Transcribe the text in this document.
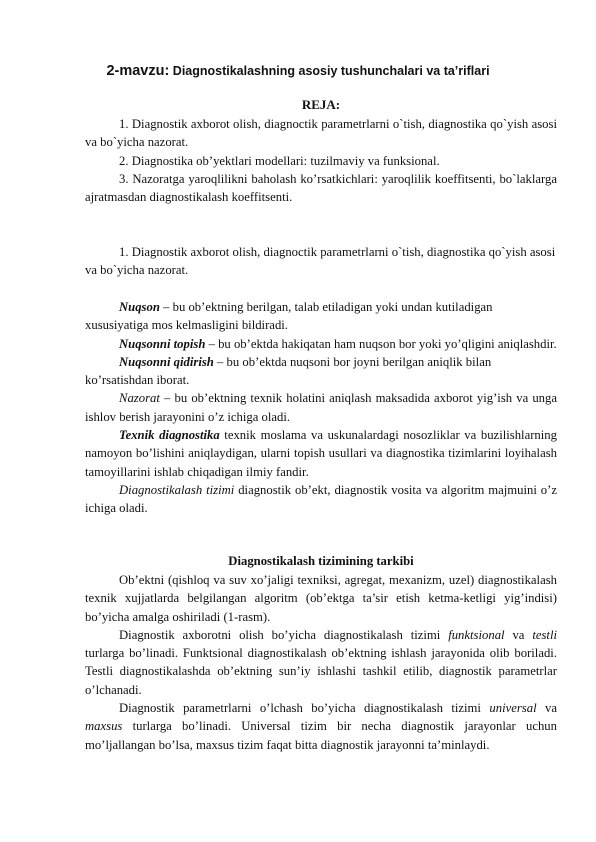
2-mavzu: Diagnostikalashning asosiy tushunchalari va ta’riflari
REJA:

1. Diagnostik axborot olish, diagnoctik parametrlarni o`tish, diagnostika qo`yish asosi va bo`yicha nazorat.

2. Diagnostika ob’yektlari modellari: tuzilmaviy va funksional.

3. Nazoratga yaroqlilikni baholash ko’rsatkichlari: yaroqlilik koeffitsenti, bo`laklarga ajratmasdan diagnostikalash koeffitsenti.

1. Diagnostik axborot olish, diagnoctik parametrlarni o`tish, diagnostika qo`yish asosi va bo`yicha nazorat.

Nuqson – bu ob’ektning berilgan, talab etiladigan yoki undan kutiladigan xususiyatiga mos kelmasligini bildiradi.

Nuqsonni topish – bu ob’ektda hakiqatan ham nuqson bor yoki yo’qligini aniqlashdir.

Nuqsonni qidirish – bu ob’ektda nuqsoni bor joyni berilgan aniqlik bilan ko’rsatishdan iborat.

Nazorat – bu ob’ektning texnik holatini aniqlash maksadida axborot yig’ish va unga ishlov berish jarayonini o’z ichiga oladi.

Texnik diagnostika texnik moslama va uskunalardagi nosozliklar va buzilishlarning namoyon bo’lishini aniqlaydigan, ularni topish usullari va diagnostika tizimlarini loyihalash tamoyillarini ishlab chiqadigan ilmiy fandir.

Diagnostikalash tizimi diagnostik ob’ekt, diagnostik vosita va algoritm majmuini o’z ichiga oladi.

Diagnostikalash tizimining tarkibi

Ob’ektni (qishloq va suv xo’jaligi texniksi, agregat, mexanizm, uzel) diagnostikalash texnik xujjatlarda belgilangan algoritm (ob’ektga ta’sir etish ketma-ketligi yig’indisi) bo’yicha amalga oshiriladi (1-rasm).

Diagnostik axborotni olish bo’yicha diagnostikalash tizimi funktsional va testli turlarga bo’linadi. Funktsional diagnostikalash ob’ektning ishlash jarayonida olib boriladi. Testli diagnostikalashda ob’ektning sun’iy ishlashi tashkil etilib, diagnostik parametrlar o’lchanadi.

Diagnostik parametrlarni o’lchash bo’yicha diagnostikalash tizimi universal va maxsus turlarga bo’linadi. Universal tizim bir necha diagnostik jarayonlar uchun mo’ljallangan bo’lsa, maxsus tizim faqat bitta diagnostik jarayonni ta’minlaydi.
